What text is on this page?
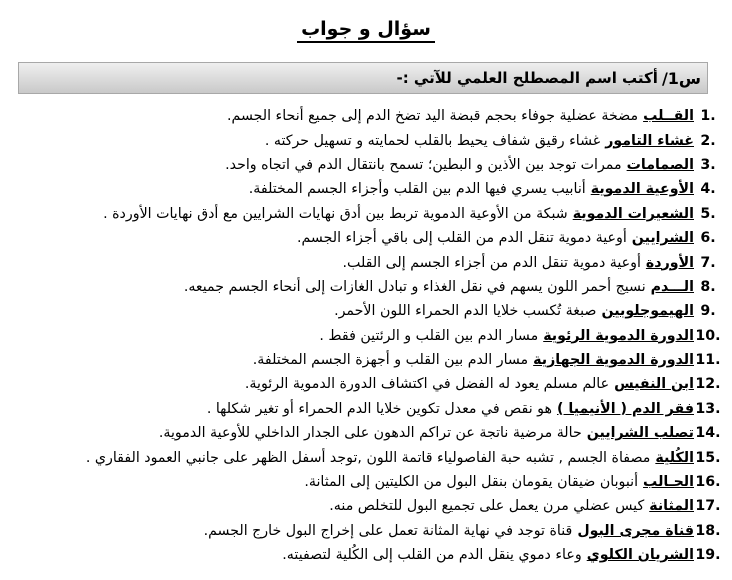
سؤال و جواب
س1/
أكتب اسم المصطلح العلمي للآتي :-
1.
القــلب
مضخة عضلية جوفاء بحجم قبضة اليد تضخ الدم إلى جميع أنحاء الجسم.
2.
غشاء التامور
غشاء رقيق شفاف يحيط بالقلب لحمايته و تسهيل حركته .
3.
الصمامات
ممرات توجد بين الأذين و البطين؛ تسمح بانتقال الدم في اتجاه واحد.
4.
الأوعية الدموية
أنابيب يسري فيها الدم بين القلب وأجزاء الجسم المختلفة.
5.
الشعيرات الدموية
شبكة من الأوعية الدموية تربط بين أدق نهايات الشرايين مع أدق نهايات الأوردة .
6.
الشرايين
أوعية دموية تنقل الدم من القلب إلى باقي أجزاء الجسم.
7.
الأوردة
أوعية دموية تنقل الدم من أجزاء الجسم إلى القلب.
8.
الـــدم
نسيج أحمر اللون يسهم في نقل الغذاء و تبادل الغازات إلى أنحاء الجسم جميعه.
9.
الهيموجلوبين
صبغة تُكسب خلايا الدم الحمراء اللون الأحمر.
10.
الدورة الدموية الرئوية
مسار الدم بين القلب و الرئتين فقط .
11.
الدورة الدموية الجهازية
مسار الدم بين القلب و أجهزة الجسم المختلفة.
12.
ابن النفيس
عالم مسلم يعود له الفضل في اكتشاف الدورة الدموية الرئوية.
13.
فقر الدم ( الأنيميا )
هو نقص في معدل تكوين خلايا الدم الحمراء أو تغير شكلها .
14.
تصلب الشرايين
حالة مرضية ناتجة عن تراكم الدهون على الجدار الداخلي للأوعية الدموية.
15.
الكُلية
مصفاة الجسم , تشبه حبة الفاصولياء قاتمة اللون ,توجد أسفل الظهر على جانبي العمود الفقاري .
16.
الحـالب
أنبوبان ضيقان يقومان بنقل البول من الكليتين إلى المثانة.
17.
المثانة
كيس عضلي مرن يعمل على تجميع البول للتخلص منه.
18.
قناة مجرى البول
قناة توجد في نهاية المثانة تعمل على إخراج البول خارج الجسم.
19.
الشريان الكلوي
وعاء دموي ينقل الدم من القلب إلى الكُلية لتصفيته.
